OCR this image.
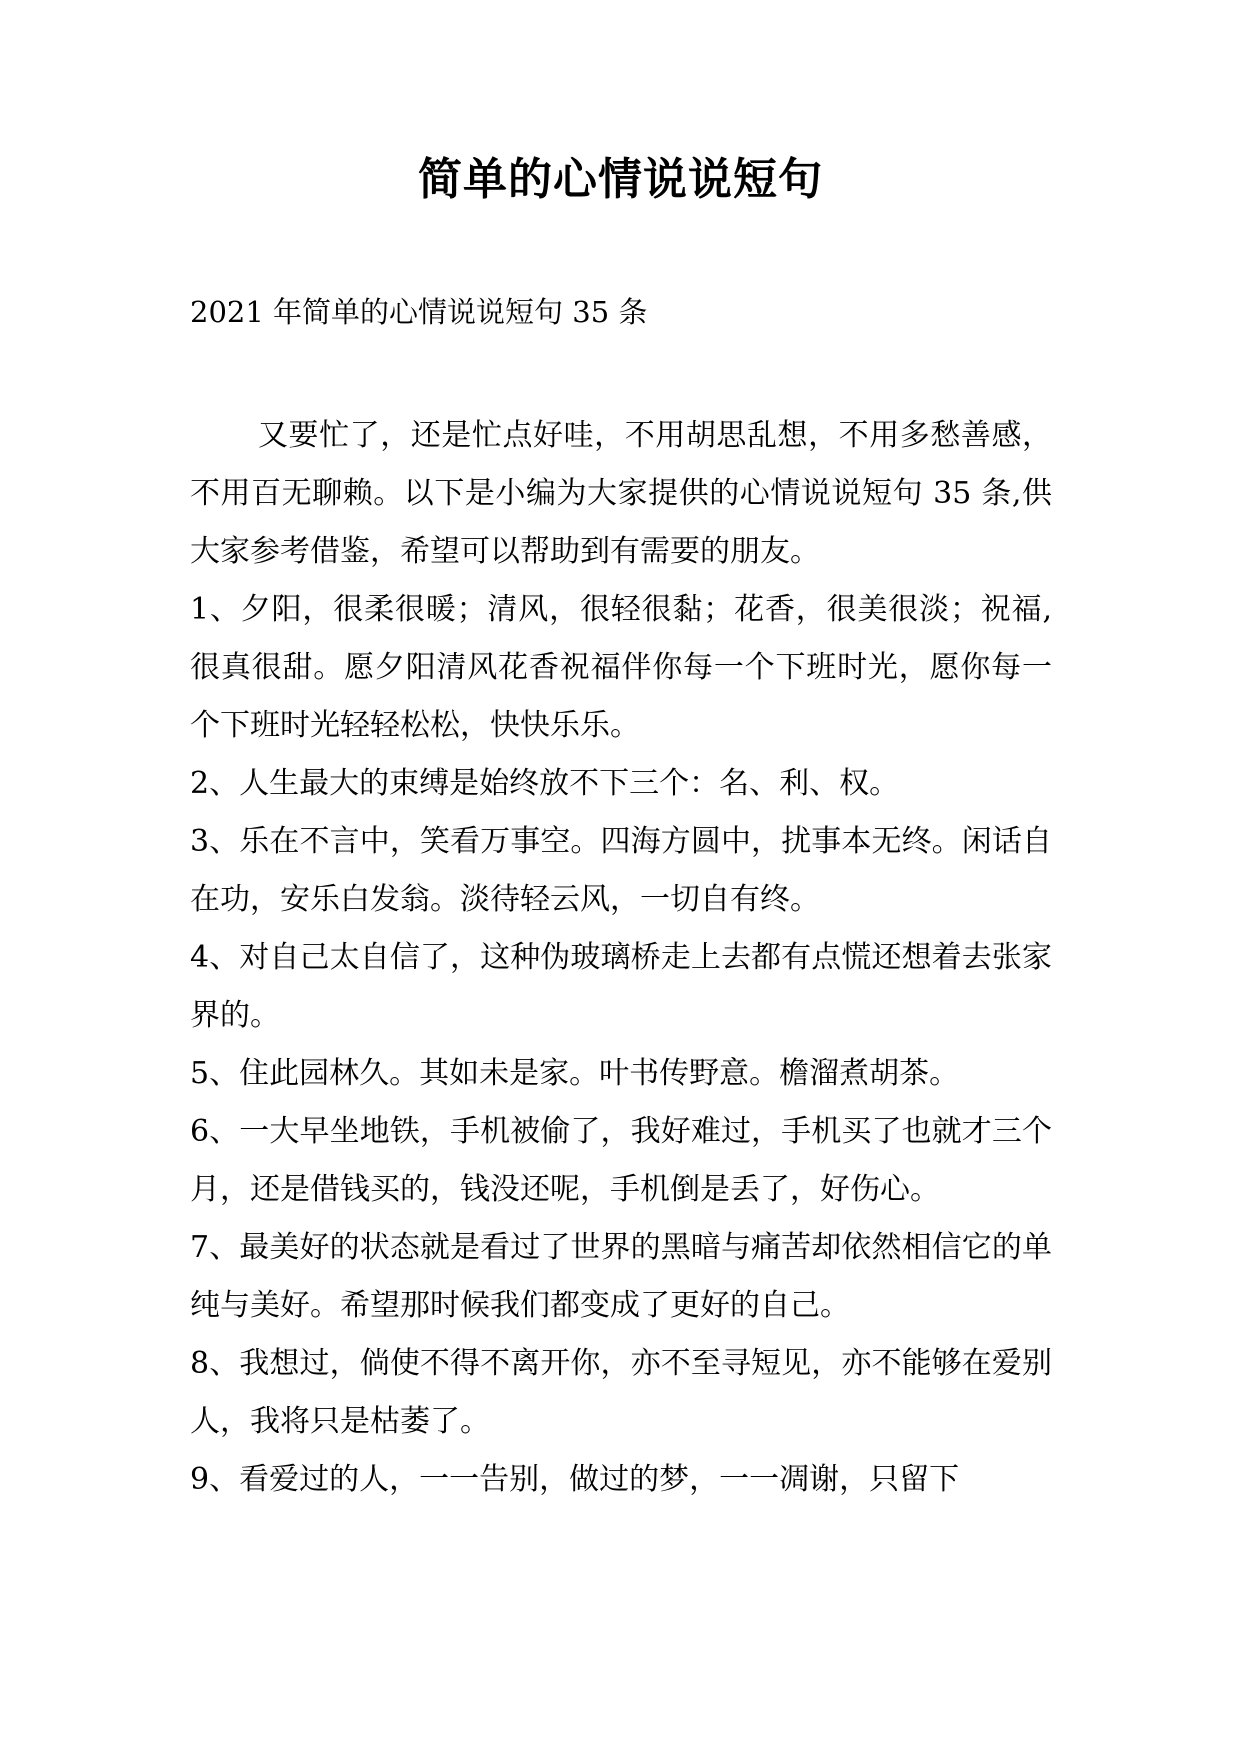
简单的心情说说短句
2021 年简单的心情说说短句 35 条

又要忙了，还是忙点好哇，不用胡思乱想，不用多愁善感，不用百无聊赖。以下是小编为大家提供的心情说说短句 35 条,供大家参考借鉴，希望可以帮助到有需要的朋友。

1、夕阳，很柔很暖；清风，很轻很黏；花香，很美很淡；祝福,很真很甜。愿夕阳清风花香祝福伴你每一个下班时光，愿你每一个下班时光轻轻松松，快快乐乐。

2、人生最大的束缚是始终放不下三个：名、利、权。

3、乐在不言中，笑看万事空。四海方圆中，扰事本无终。闲话自在功，安乐白发翁。淡待轻云风，一切自有终。

4、对自己太自信了，这种伪玻璃桥走上去都有点慌还想着去张家界的。

5、住此园林久。其如未是家。叶书传野意。檐溜煮胡茶。

6、一大早坐地铁，手机被偷了，我好难过，手机买了也就才三个月，还是借钱买的，钱没还呢，手机倒是丢了，好伤心。

7、最美好的状态就是看过了世界的黑暗与痛苦却依然相信它的单纯与美好。希望那时候我们都变成了更好的自己。

8、我想过，倘使不得不离开你，亦不至寻短见，亦不能够在爱别人，我将只是枯萎了。

9、看爱过的人，一一告别，做过的梦，一一凋谢，只留下
